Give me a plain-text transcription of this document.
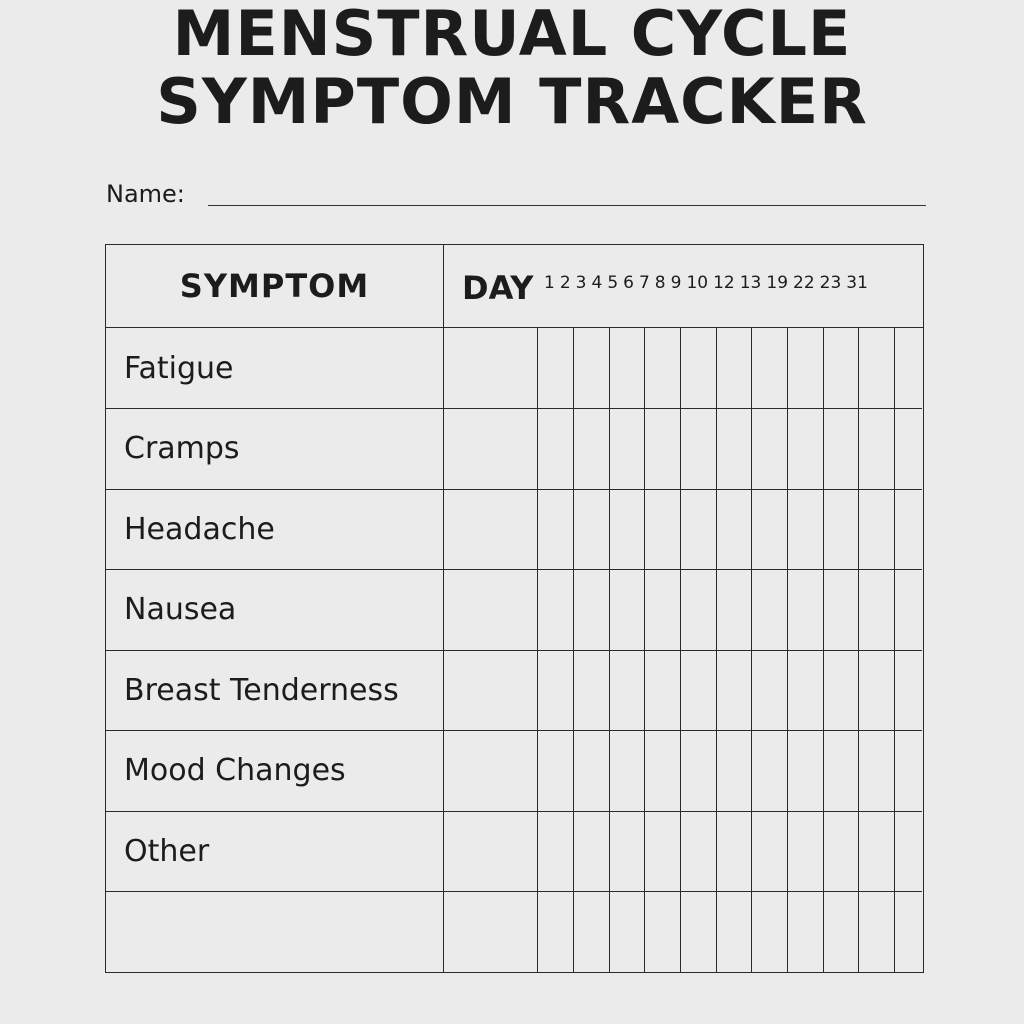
MENSTRUAL CYCLE
SYMPTOM TRACKER
Name:
SYMPTOM	DAY 1 2 3 4 5 6 7 8 9 10 12 13 19 22 23 31
Fatigue
Cramps
Headache
Nausea
Breast Tenderness
Mood Changes
Other
